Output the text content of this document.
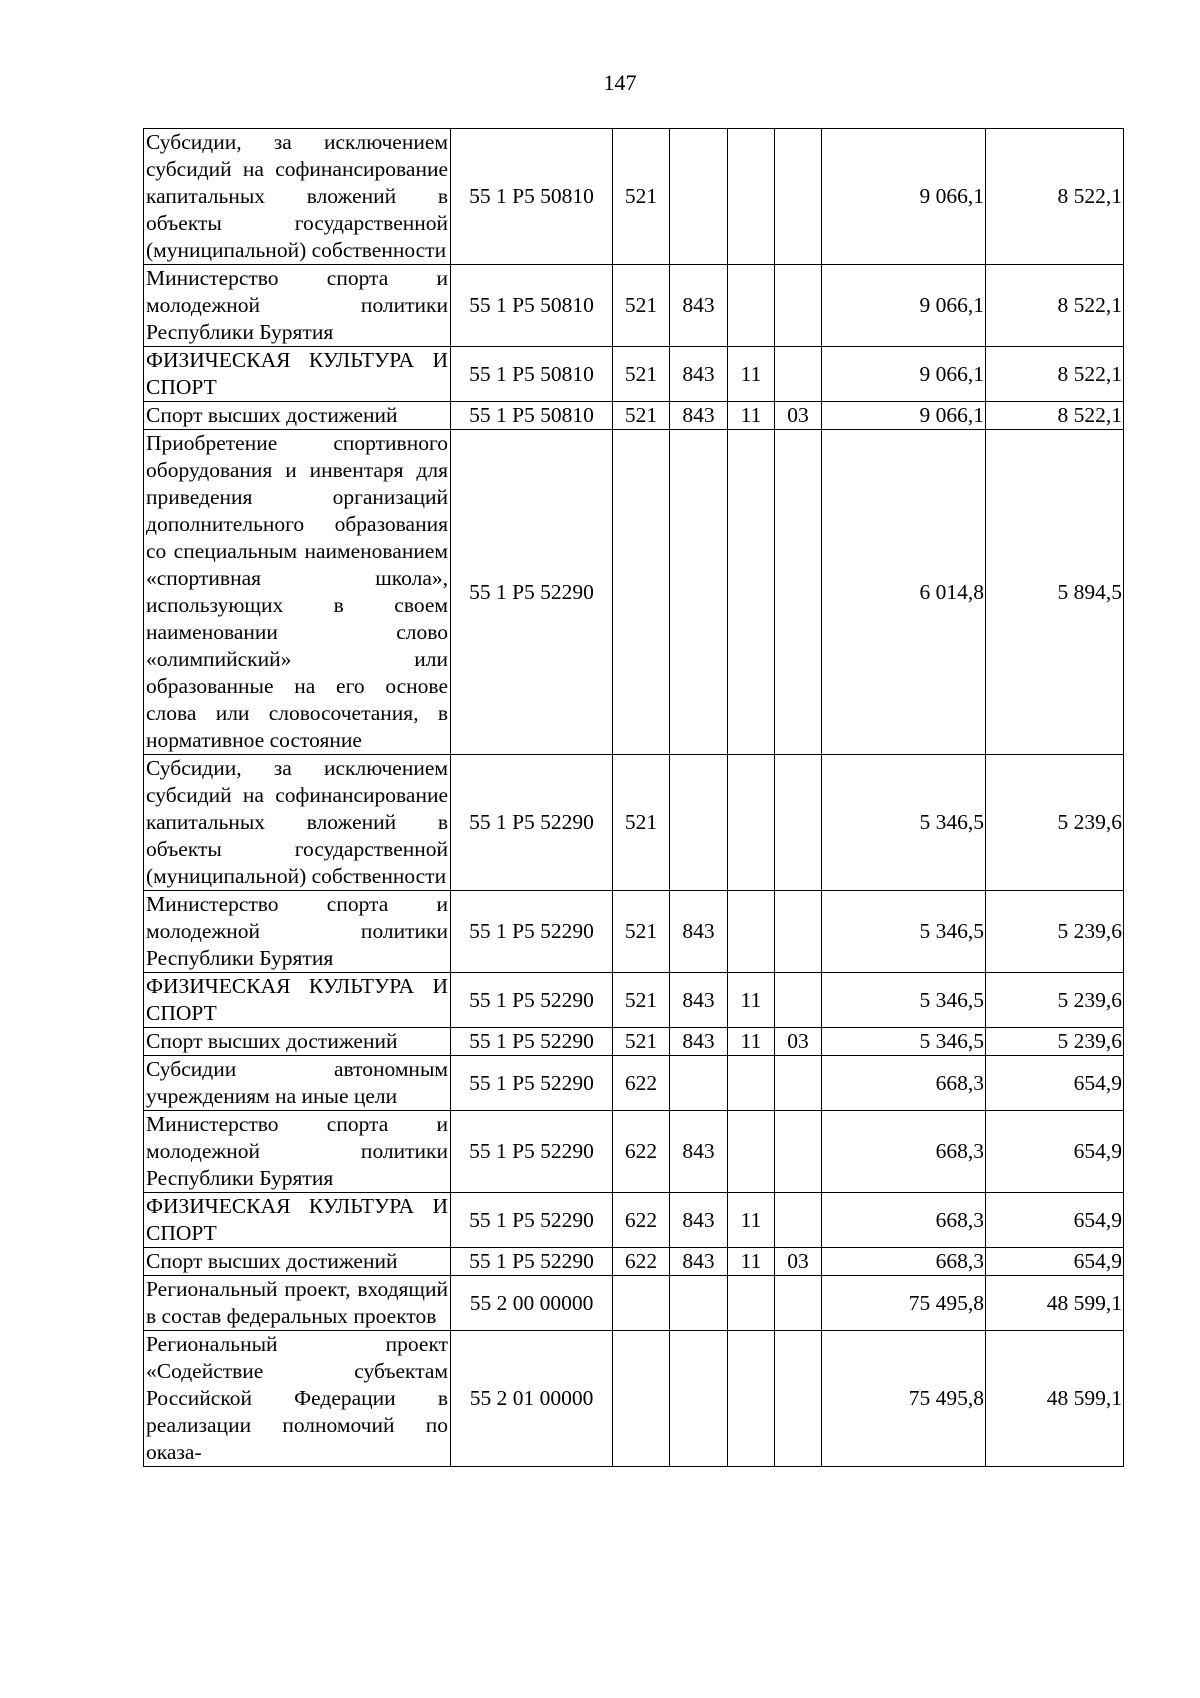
147
Субсидии, за исключением субсидий на софинансирование капитальных вложений в объекты государственной (муниципальной) собственности	55 1 P5 50810	521				9 066,1	8 522,1
Министерство спорта и молодежной политики Республики Бурятия	55 1 P5 50810	521	843			9 066,1	8 522,1
ФИЗИЧЕСКАЯ КУЛЬТУРА И СПОРТ	55 1 P5 50810	521	843	11		9 066,1	8 522,1
Спорт высших достижений	55 1 P5 50810	521	843	11	03	9 066,1	8 522,1
Приобретение спортивного оборудования и инвентаря для приведения организаций дополнительного образования со специальным наименованием «спортивная школа», использующих в своем наименовании слово «олимпийский» или образованные на его основе слова или словосочетания, в нормативное состояние	55 1 P5 52290					6 014,8	5 894,5
Субсидии, за исключением субсидий на софинансирование капитальных вложений в объекты государственной (муниципальной) собственности	55 1 P5 52290	521				5 346,5	5 239,6
Министерство спорта и молодежной политики Республики Бурятия	55 1 P5 52290	521	843			5 346,5	5 239,6
ФИЗИЧЕСКАЯ КУЛЬТУРА И СПОРТ	55 1 P5 52290	521	843	11		5 346,5	5 239,6
Спорт высших достижений	55 1 P5 52290	521	843	11	03	5 346,5	5 239,6
Субсидии автономным учреждениям на иные цели	55 1 P5 52290	622				668,3	654,9
Министерство спорта и молодежной политики Республики Бурятия	55 1 P5 52290	622	843			668,3	654,9
ФИЗИЧЕСКАЯ КУЛЬТУРА И СПОРТ	55 1 P5 52290	622	843	11		668,3	654,9
Спорт высших достижений	55 1 P5 52290	622	843	11	03	668,3	654,9
Региональный проект, входящий в состав федеральных проектов	55 2 00 00000					75 495,8	48 599,1
Региональный проект «Содействие субъектам Российской Федерации в реализации полномочий по оказа-	55 2 01 00000					75 495,8	48 599,1
